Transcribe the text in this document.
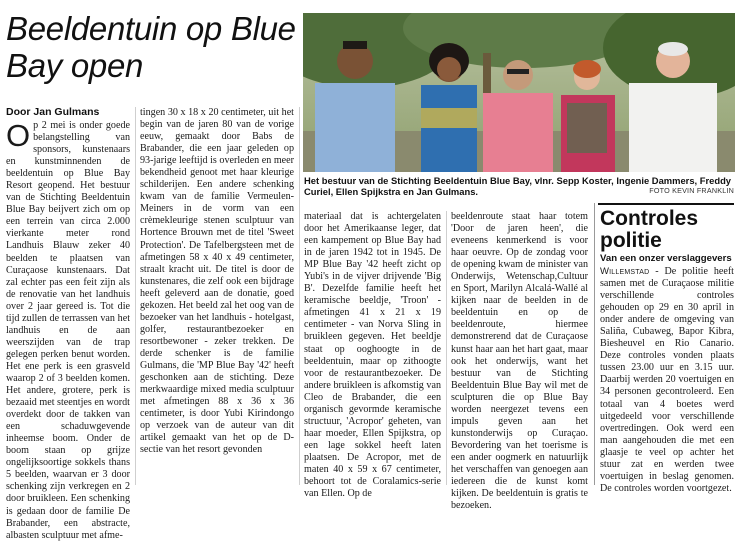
Beeldentuin op Blue Bay open
Door Jan Gulmans

Op 2 mei is onder goede belangstelling van sponsors, kunstenaars en kunstminnenden de beeldentuin op Blue Bay Resort geopend. Het bestuur van de Stichting Beeldentuin Blue Bay beijvert zich om op een terrein van circa 2.000 vierkante meter rond Landhuis Blauw zeker 40 beelden te plaatsen van Curaçaose kunstenaars. Dat zal echter pas een feit zijn als de renovatie van het landhuis over 2 jaar gereed is. Tot die tijd zullen de terrassen van het landhuis en de aan weerszijden van de trap gelegen perken benut worden. Het ene perk is een grasveld waarop 2 of 3 beelden komen. Het andere, grotere, perk is bezaaid met steentjes en wordt overdekt door de takken van een schaduwgevende inheemse boom. Onder de boom staan op grijze ongelijksoortige sokkels thans 5 beelden, waarvan er 3 door schenking zijn verkregen en 2 door bruikleen. Een schenking is gedaan door de familie De Brabander, een abstracte, albasten sculptuur met afme-

tingen 30 x 18 x 20 centimeter, uit het begin van de jaren 80 van de vorige eeuw, gemaakt door Babs de Brabander, die een jaar geleden op 93-jarige leeftijd is overleden en meer bekendheid genoot met haar kleurige schilderijen. Een andere schenking kwam van de familie Vermeulen-Meiners in de vorm van een crèmekleurige stenen sculptuur van Hortence Brouwn met de titel 'Sweet Protection'. De Tafelbergsteen met de afmetingen 58 x 40 x 49 centimeter, straalt kracht uit. De titel is door de kunstenares, die zelf ook een bijdrage heeft geleverd aan de donatie, goed gekozen. Het beeld zal het oog van de bezoeker van het landhuis - hotelgast, golfer, restaurantbezoeker en resortbewoner - zeker trekken. De derde schenker is de familie Gulmans, die 'MP Blue Bay '42' heeft geschonken aan de stichting. Deze merkwaardige mixed media sculptuur met afmetingen 88 x 36 x 36 centimeter, is door Yubi Kirindongo op verzoek van de auteur van dit artikel gemaakt van het op de D-sectie van het resort gevonden

Het bestuur van de Stichting Beeldentuin Blue Bay, vlnr. Sepp Koster, Ingenie Dammers, Freddy Curiel, Ellen Spijkstra en Jan Gulmans.	FOTO KEVIN FRANKLIN

materiaal dat is achtergelaten door het Amerikaanse leger, dat een kampement op Blue Bay had in de jaren 1942 tot in 1945. De MP Blue Bay '42 heeft zicht op Yubi's in de vijver drijvende 'Big B'. Dezelfde familie heeft het keramische beeldje, 'Troon' - afmetingen 41 x 21 x 19 centimeter - van Norva Sling in bruikleen gegeven. Het beeldje staat op ooghoogte in de beeldentuin, maar op zithoogte voor de restaurantbezoeker. De andere bruikleen is afkomstig van Cleo de Brabander, die een organisch gevormde keramische structuur, 'Acropor' geheten, van haar moeder, Ellen Spijkstra, op een lage sokkel heeft laten plaatsen. De Acropor, met de maten 40 x 59 x 67 centimeter, behoort tot de Coralamics-serie van Ellen. Op de

beeldenroute staat haar totem 'Door de jaren heen', die eveneens kenmerkend is voor haar oeuvre. Op de zondag voor de opening kwam de minister van Onderwijs, Wetenschap,Cultuur en Sport, Marilyn Alcalá-Wallé al kijken naar de beelden in de beeldentuin en op de beeldenroute, hiermee demonstrerend dat de Curaçaose kunst haar aan het hart gaat, maar ook het onderwijs, want het bestuur van de Stichting Beeldentuin Blue Bay wil met de sculpturen die op Blue Bay worden neergezet tevens een impuls geven aan het kunstonderwijs op Curaçao. Bevordering van het toerisme is een ander oogmerk en natuurlijk het verschaffen van genoegen aan iedereen die de kunst komt kijken. De beeldentuin is gratis te bezoeken.

Controles politie
Van een onzer verslaggevers
Willemstad - De politie heeft samen met de Curaçaose militie verschillende controles gehouden op 29 en 30 april in onder andere de omgeving van Saliña, Cubaweg, Bapor Kibra, Biesheuvel en Rio Canario. Deze controles vonden plaats tussen 23.00 uur en 3.15 uur. Daarbij werden 20 voertuigen en 34 personen gecontroleerd. Een totaal van 4 boetes werd uitgedeeld voor verschillende overtredingen. Ook werd een man aangehouden die met een glaasje te veel op achter het stuur zat en werden twee voertuigen in beslag genomen. De controles worden voortgezet.
